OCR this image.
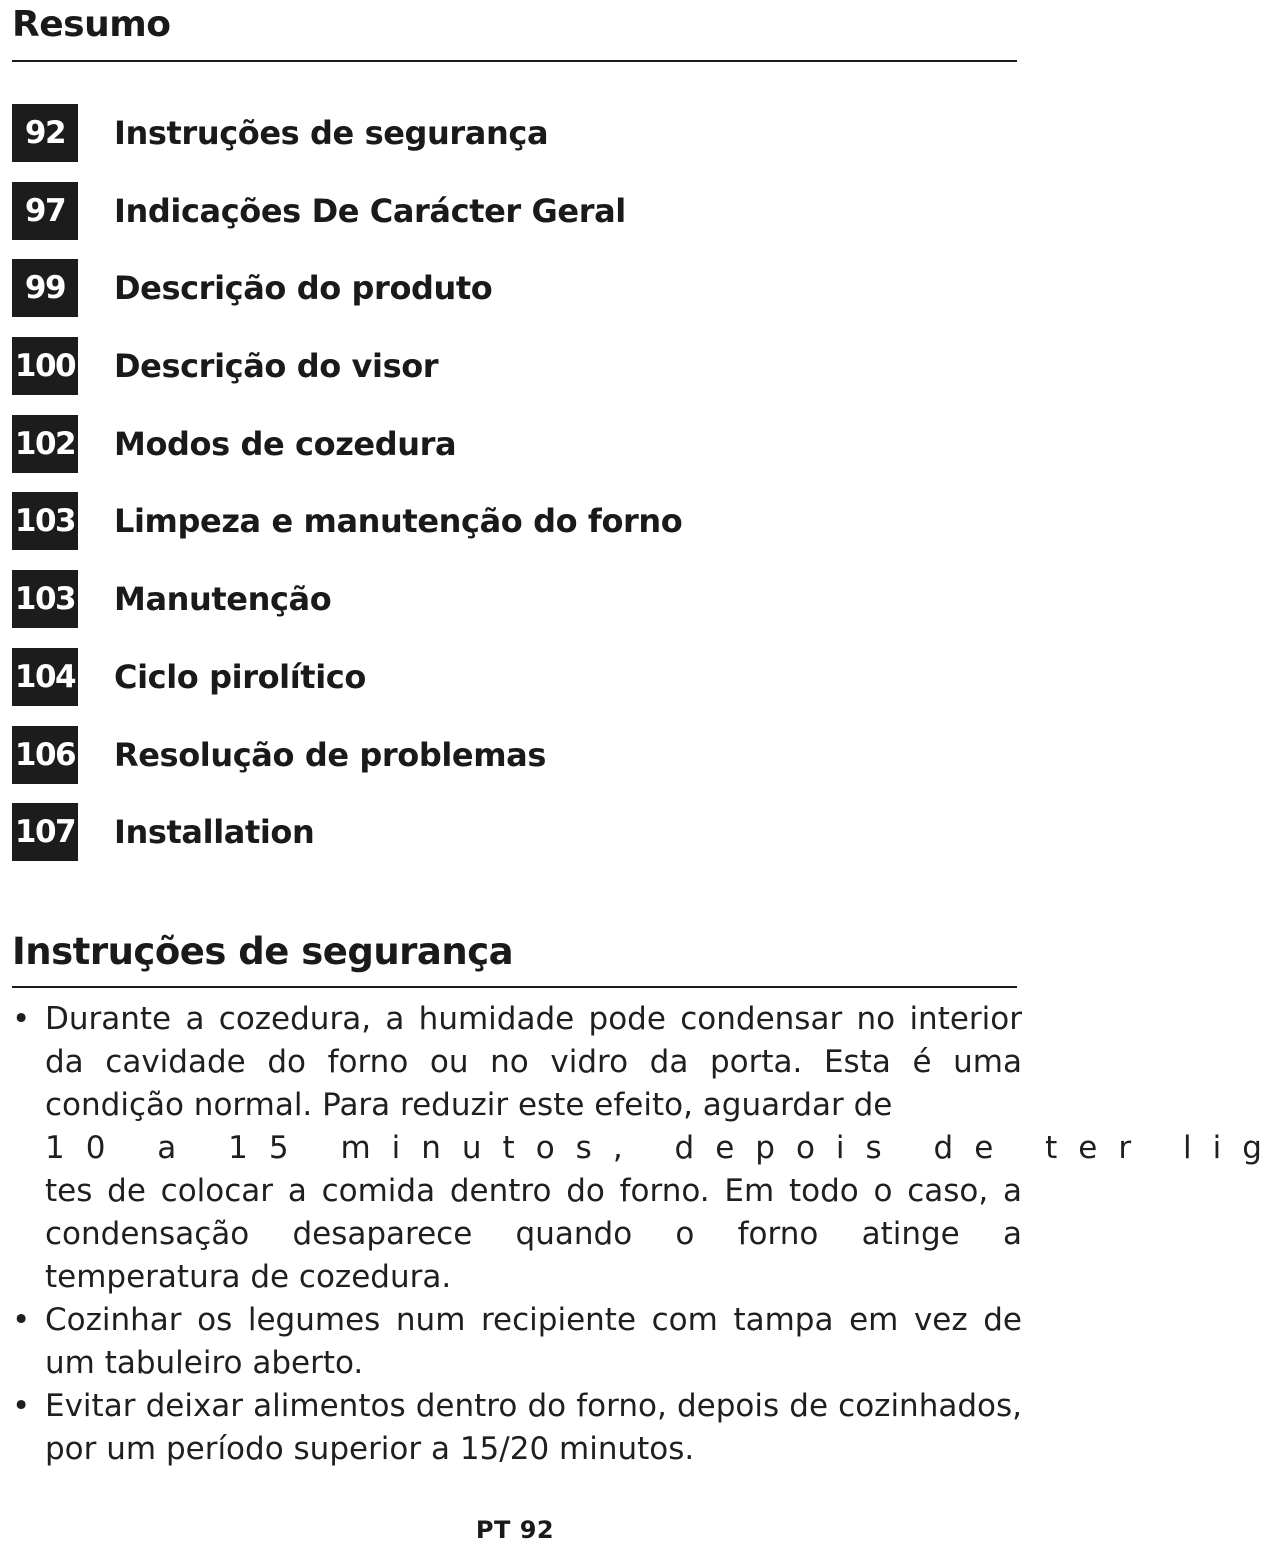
Resumo
92	Instruções de segurança
97	Indicações De Carácter Geral
99	Descrição do produto
100 Descrição do visor
102 Modos de cozedura
103 Limpeza e manutenção do forno
103 Manutenção
104 Ciclo pirolítico
106 Resolução de problemas
107 Installation
Instruções de segurança
• Durante a cozedura, a humidade pode condensar no interior da cavidade do forno ou no vidro da porta. Esta é uma condição normal. Para reduzir este efeito, aguardar de
10 a 15 minutos, depois de ter lig
tes de colocar a comida dentro do forno. Em todo o caso, a condensação desaparece quando o forno atinge a temperatura de cozedura.
• Cozinhar os legumes num recipiente com tampa em vez de um tabuleiro aberto.
• Evitar deixar alimentos dentro do forno, depois de cozinhados, por um período superior a 15/20 minutos.
PT 92
